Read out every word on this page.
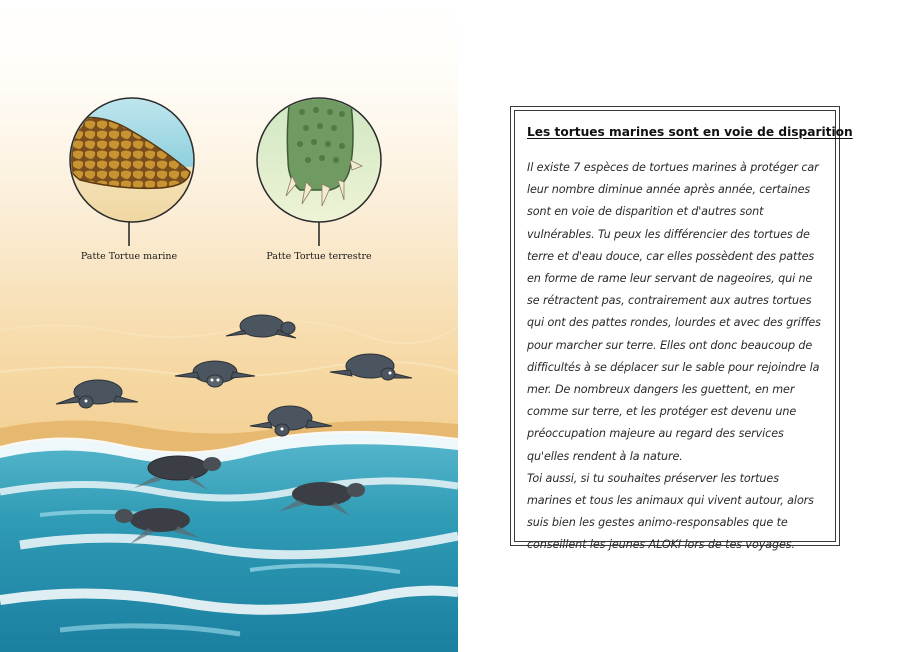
Patte Tortue marine	Patte Tortue terrestre
Les tortues marines sont en voie de disparition

Il existe 7 espèces de tortues marines à protéger car leur nombre diminue année après année, certaines sont en voie de disparition et d'autres sont vulnérables. Tu peux les différencier des tortues de terre et d'eau douce, car elles possèdent des pattes en forme de rame leur servant de nageoires, qui ne se rétractent pas, contrairement aux autres tortues qui ont des pattes rondes, lourdes et avec des griffes pour marcher sur terre. Elles ont donc beaucoup de difficultés à se déplacer sur le sable pour rejoindre la mer. De nombreux dangers les guettent, en mer comme sur terre, et les protéger est devenu une préoccupation majeure au regard des services qu'elles rendent à la nature.

Toi aussi, si tu souhaites préserver les tortues marines et tous les animaux qui vivent autour, alors suis bien les gestes animo-responsables que te conseillent les jeunes ALOKI lors de tes voyages.
